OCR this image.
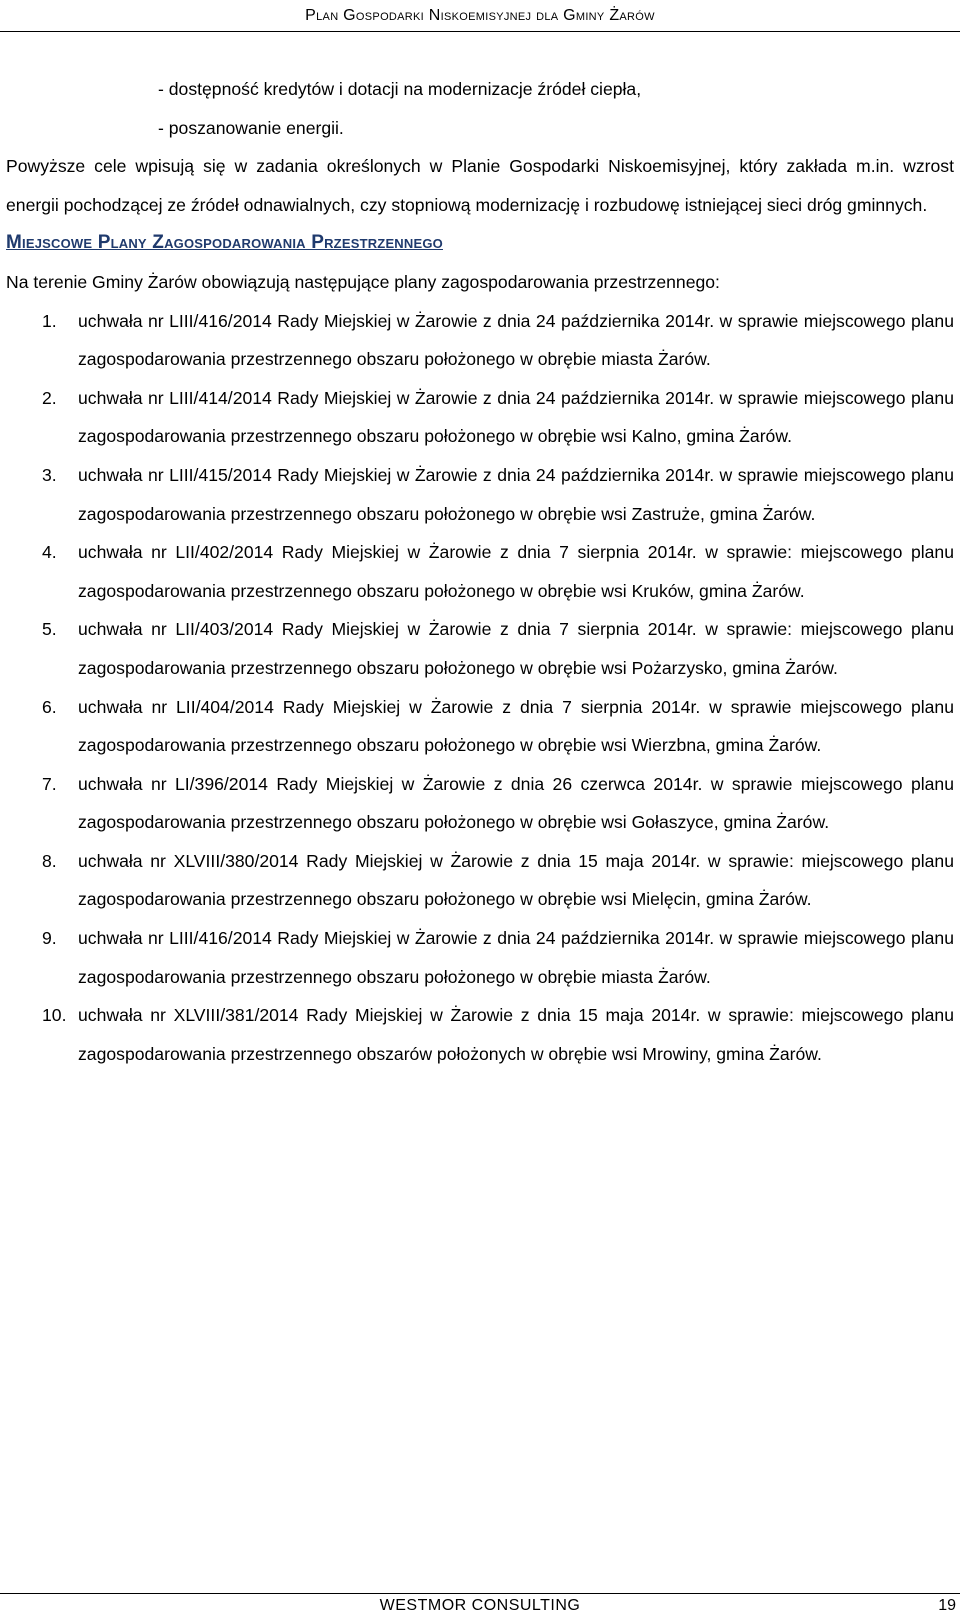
Plan Gospodarki Niskoemisyjnej dla Gminy Żarów

- dostępność kredytów i dotacji na modernizacje źródeł ciepła,

- poszanowanie energii.

Powyższe cele wpisują się w zadania określonych w Planie Gospodarki Niskoemisyjnej, który zakłada m.in. wzrost energii pochodzącej ze źródeł odnawialnych, czy stopniową modernizację i rozbudowę istniejącej sieci dróg gminnych.

Miejscowe Plany Zagospodarowania Przestrzennego

Na terenie Gminy Żarów obowiązują następujące plany zagospodarowania przestrzennego:

1. uchwała nr LIII/416/2014 Rady Miejskiej w Żarowie z dnia 24 października 2014r. w sprawie miejscowego planu zagospodarowania przestrzennego obszaru położonego w obrębie miasta Żarów.
2. uchwała nr LIII/414/2014 Rady Miejskiej w Żarowie z dnia 24 października 2014r. w sprawie miejscowego planu zagospodarowania przestrzennego obszaru położonego w obrębie wsi Kalno, gmina Żarów.
3. uchwała nr LIII/415/2014 Rady Miejskiej w Żarowie z dnia 24 października 2014r. w sprawie miejscowego planu zagospodarowania przestrzennego obszaru położonego w obrębie wsi Zastruże, gmina Żarów.
4. uchwała nr LII/402/2014 Rady Miejskiej w Żarowie z dnia 7 sierpnia 2014r. w sprawie: miejscowego planu zagospodarowania przestrzennego obszaru położonego w obrębie wsi Kruków, gmina Żarów.
5. uchwała nr LII/403/2014 Rady Miejskiej w Żarowie z dnia 7 sierpnia 2014r. w sprawie: miejscowego planu zagospodarowania przestrzennego obszaru położonego w obrębie wsi Pożarzysko, gmina Żarów.
6. uchwała nr LII/404/2014 Rady Miejskiej w Żarowie z dnia 7 sierpnia 2014r. w sprawie miejscowego planu zagospodarowania przestrzennego obszaru położonego w obrębie wsi Wierzbna, gmina Żarów.
7. uchwała nr LI/396/2014 Rady Miejskiej w Żarowie z dnia 26 czerwca 2014r. w sprawie miejscowego planu zagospodarowania przestrzennego obszaru położonego w obrębie wsi Gołaszyce, gmina Żarów.
8. uchwała nr XLVIII/380/2014 Rady Miejskiej w Żarowie z dnia 15 maja 2014r. w sprawie: miejscowego planu zagospodarowania przestrzennego obszaru położonego w obrębie wsi Mielęcin, gmina Żarów.
9. uchwała nr LIII/416/2014 Rady Miejskiej w Żarowie z dnia 24 października 2014r. w sprawie miejscowego planu zagospodarowania przestrzennego obszaru położonego w obrębie miasta Żarów.
10. uchwała nr XLVIII/381/2014 Rady Miejskiej w Żarowie z dnia 15 maja 2014r. w sprawie: miejscowego planu zagospodarowania przestrzennego obszarów położonych w obrębie wsi Mrowiny, gmina Żarów.
WESTMOR CONSULTING	19
